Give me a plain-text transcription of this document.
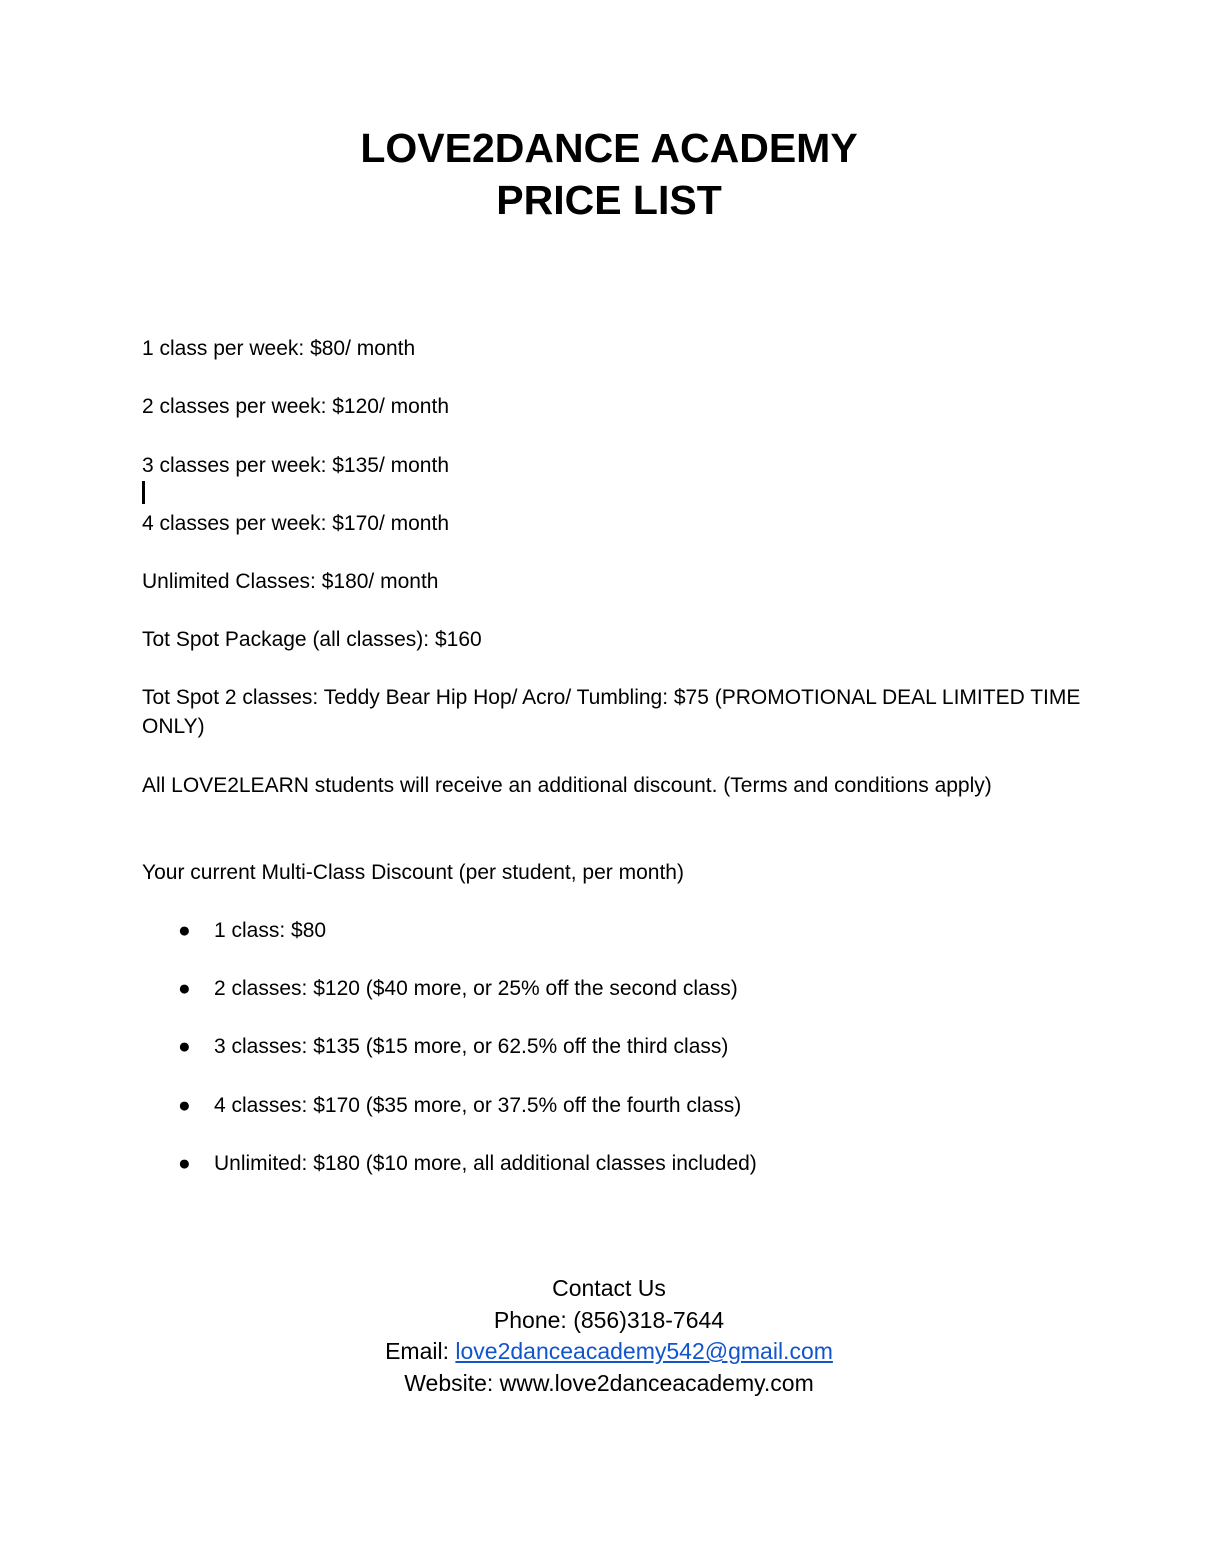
LOVE2DANCE ACADEMY
PRICE LIST
1 class per week: $80/ month
2 classes per week: $120/ month
3 classes per week: $135/ month
4 classes per week: $170/ month
Unlimited Classes: $180/ month
Tot Spot Package (all classes): $160
Tot Spot 2 classes: Teddy Bear Hip Hop/ Acro/ Tumbling: $75 (PROMOTIONAL DEAL LIMITED TIME ONLY)
All LOVE2LEARN students will receive an additional discount. (Terms and conditions apply)
Your current Multi-Class Discount (per student, per month)
● 1 class: $80
● 2 classes: $120 ($40 more, or 25% off the second class)
● 3 classes: $135 ($15 more, or 62.5% off the third class)
● 4 classes: $170 ($35 more, or 37.5% off the fourth class)
● Unlimited: $180 ($10 more, all additional classes included)
Contact Us
Phone: (856)318-7644
Email: love2danceacademy542@gmail.com
Website: www.love2danceacademy.com
